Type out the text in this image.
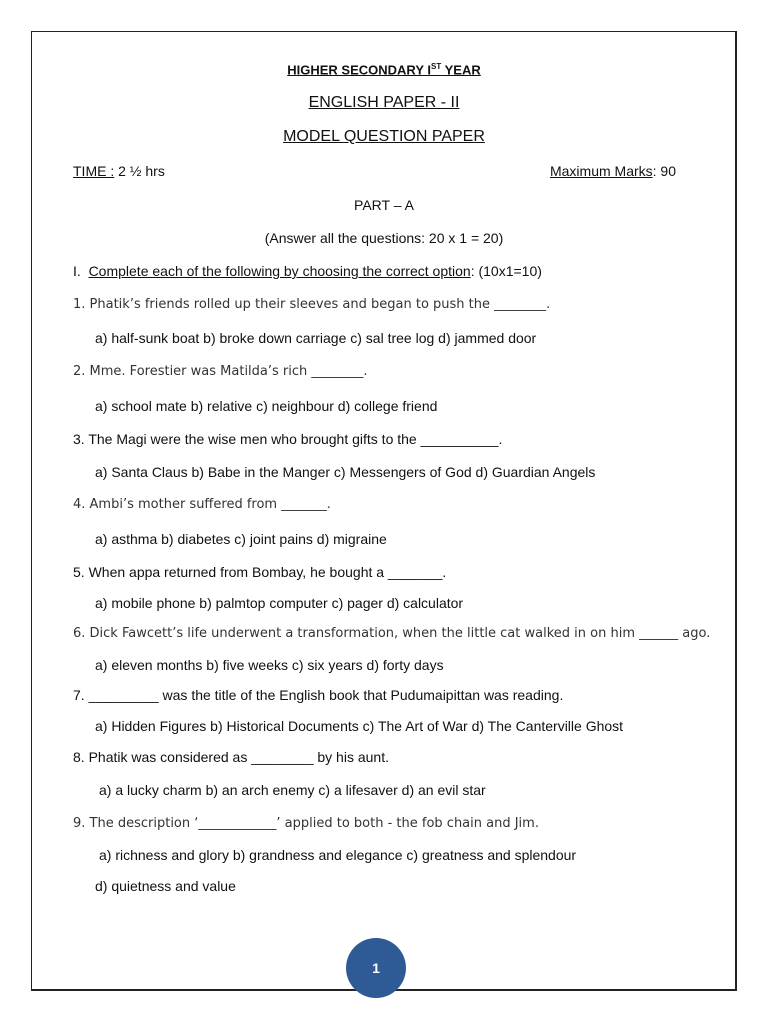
HIGHER SECONDARY IST YEAR
ENGLISH PAPER - II
MODEL QUESTION PAPER
TIME : 2 ½ hrs	Maximum Marks: 90
PART – A
(Answer all the questions: 20 x 1 = 20)
I. Complete each of the following by choosing the correct option: (10x1=10)
1. Phatik’s friends rolled up their sleeves and began to push the ________.
a) half-sunk boat b) broke down carriage c) sal tree log d) jammed door
2. Mme. Forestier was Matilda’s rich ________.
a) school mate b) relative c) neighbour d) college friend
3. The Magi were the wise men who brought gifts to the __________.
a) Santa Claus b) Babe in the Manger c) Messengers of God d) Guardian Angels
4. Ambi’s mother suffered from _______.
a) asthma b) diabetes c) joint pains d) migraine
5. When appa returned from Bombay, he bought a _______.
a) mobile phone b) palmtop computer c) pager d) calculator
6. Dick Fawcett’s life underwent a transformation, when the little cat walked in on him ______ ago.
a) eleven months b) five weeks c) six years d) forty days
7. _________ was the title of the English book that Pudumaipittan was reading.
a) Hidden Figures b) Historical Documents c) The Art of War d) The Canterville Ghost
8. Phatik was considered as ________ by his aunt.
a) a lucky charm b) an arch enemy c) a lifesaver d) an evil star
9. The description ‘____________’ applied to both - the fob chain and Jim.
a) richness and glory b) grandness and elegance c) greatness and splendour
d) quietness and value
1
